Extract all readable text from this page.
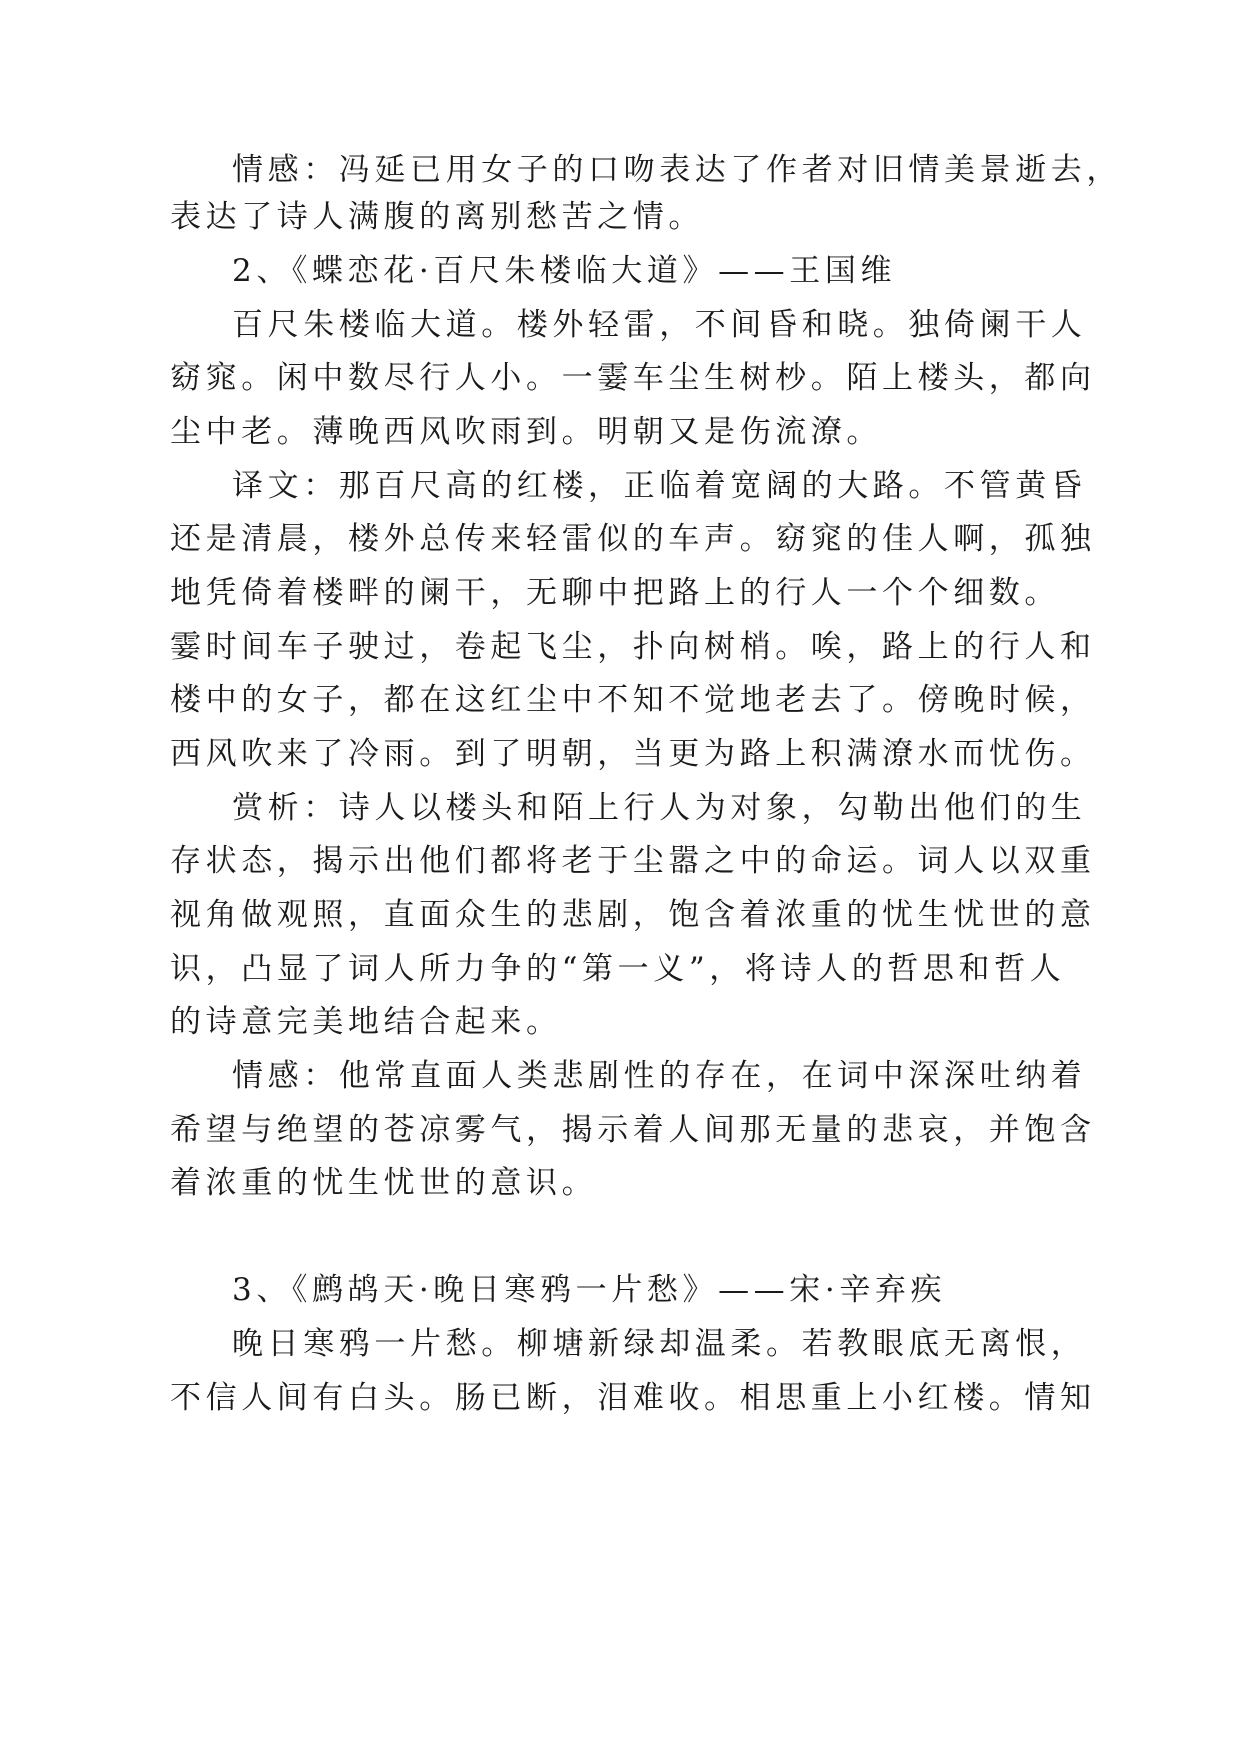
情感：冯延已用女子的口吻表达了作者对旧情美景逝去，
表达了诗人满腹的离别愁苦之情。
2、《蝶恋花·百尺朱楼临大道》——王国维
百尺朱楼临大道。楼外轻雷，不间昏和晓。独倚阑干人
窈窕。闲中数尽行人小。一霎车尘生树杪。陌上楼头，都向
尘中老。薄晚西风吹雨到。明朝又是伤流潦。
译文：那百尺高的红楼，正临着宽阔的大路。不管黄昏
还是清晨，楼外总传来轻雷似的车声。窈窕的佳人啊，孤独
地凭倚着楼畔的阑干，无聊中把路上的行人一个个细数。
霎时间车子驶过，卷起飞尘，扑向树梢。唉，路上的行人和
楼中的女子，都在这红尘中不知不觉地老去了。傍晚时候，
西风吹来了冷雨。到了明朝，当更为路上积满潦水而忧伤。
赏析：诗人以楼头和陌上行人为对象，勾勒出他们的生
存状态，揭示出他们都将老于尘嚣之中的命运。词人以双重
视角做观照，直面众生的悲剧，饱含着浓重的忧生忧世的意
识，凸显了词人所力争的“第一义”，将诗人的哲思和哲人
的诗意完美地结合起来。
情感：他常直面人类悲剧性的存在，在词中深深吐纳着
希望与绝望的苍凉雾气，揭示着人间那无量的悲哀，并饱含
着浓重的忧生忧世的意识。
3、《鹧鸪天·晚日寒鸦一片愁》——宋·辛弃疾
晚日寒鸦一片愁。柳塘新绿却温柔。若教眼底无离恨，
不信人间有白头。肠已断，泪难收。相思重上小红楼。情知
